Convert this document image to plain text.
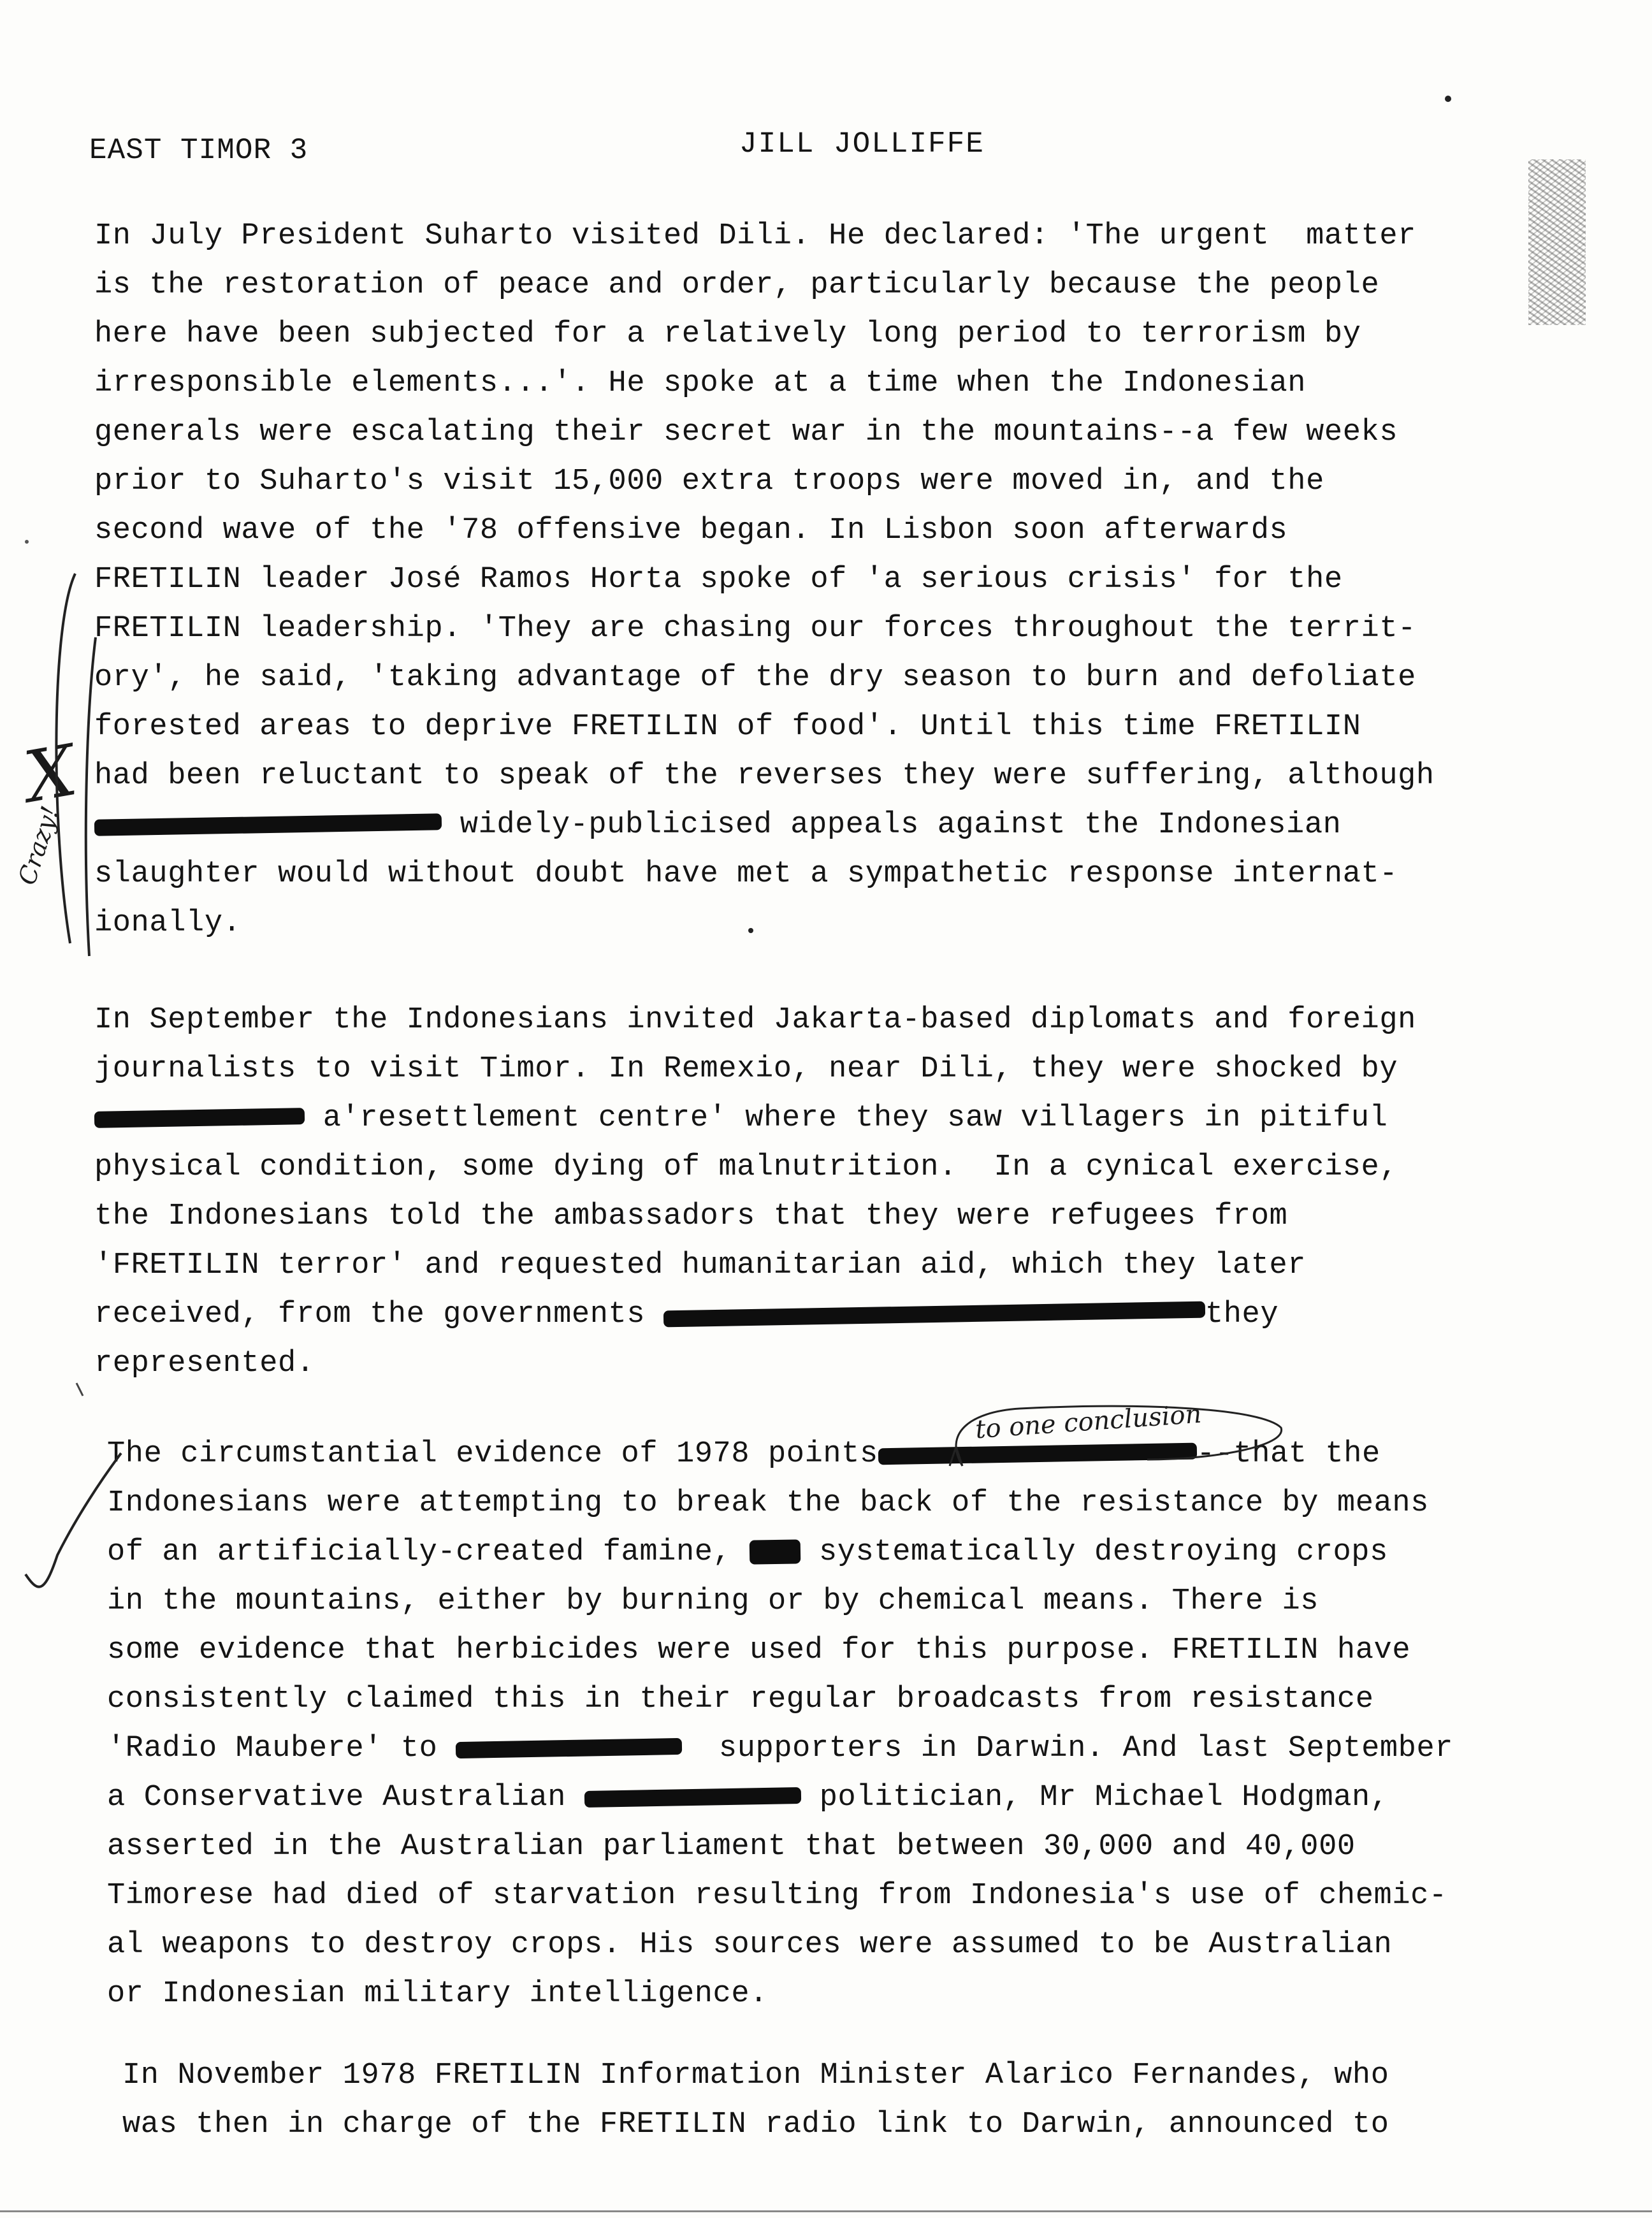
EAST TIMOR 3	JILL JOLLIFFE
In July President Suharto visited Dili. He declared: 'The urgent  matter
is the restoration of peace and order, particularly because the people
here have been subjected for a relatively long period to terrorism by
irresponsible elements...'. He spoke at a time when the Indonesian
generals were escalating their secret war in the mountains--a few weeks
prior to Suharto's visit 15,000 extra troops were moved in, and the
second wave of the '78 offensive began. In Lisbon soon afterwards
FRETILIN leader José Ramos Horta spoke of 'a serious crisis' for the
FRETILIN leadership. 'They are chasing our forces throughout the territ-
ory', he said, 'taking advantage of the dry season to burn and defoliate
forested areas to deprive FRETILIN of food'. Until this time FRETILIN
had been reluctant to speak of the reverses they were suffering, although
widely-publicised appeals against the Indonesian
slaughter would without doubt have met a sympathetic response internat-
ionally.
In September the Indonesians invited Jakarta-based diplomats and foreign
journalists to visit Timor. In Remexio, near Dili, they were shocked by
a'resettlement centre' where they saw villagers in pitiful
physical condition, some dying of malnutrition.  In a cynical exercise,
the Indonesians told the ambassadors that they were refugees from
'FRETILIN terror' and requested humanitarian aid, which they later
received, from the governments	they
represented.
The circumstantial evidence of 1978 points	--that the
Indonesians were attempting to break the back of the resistance by means
of an artificially-created famine,  systematically destroying crops
in the mountains, either by burning or by chemical means. There is
some evidence that herbicides were used for this purpose. FRETILIN have
consistently claimed this in their regular broadcasts from resistance
'Radio Maubere' to	supporters in Darwin. And last September
a Conservative Australian	politician, Mr Michael Hodgman,
asserted in the Australian parliament that between 30,000 and 40,000
Timorese had died of starvation resulting from Indonesia's use of chemic-
al weapons to destroy crops. His sources were assumed to be Australian
or Indonesian military intelligence.
In November 1978 FRETILIN Information Minister Alarico Fernandes, who
was then in charge of the FRETILIN radio link to Darwin, announced to
X
Crazy!
to one conclusion
